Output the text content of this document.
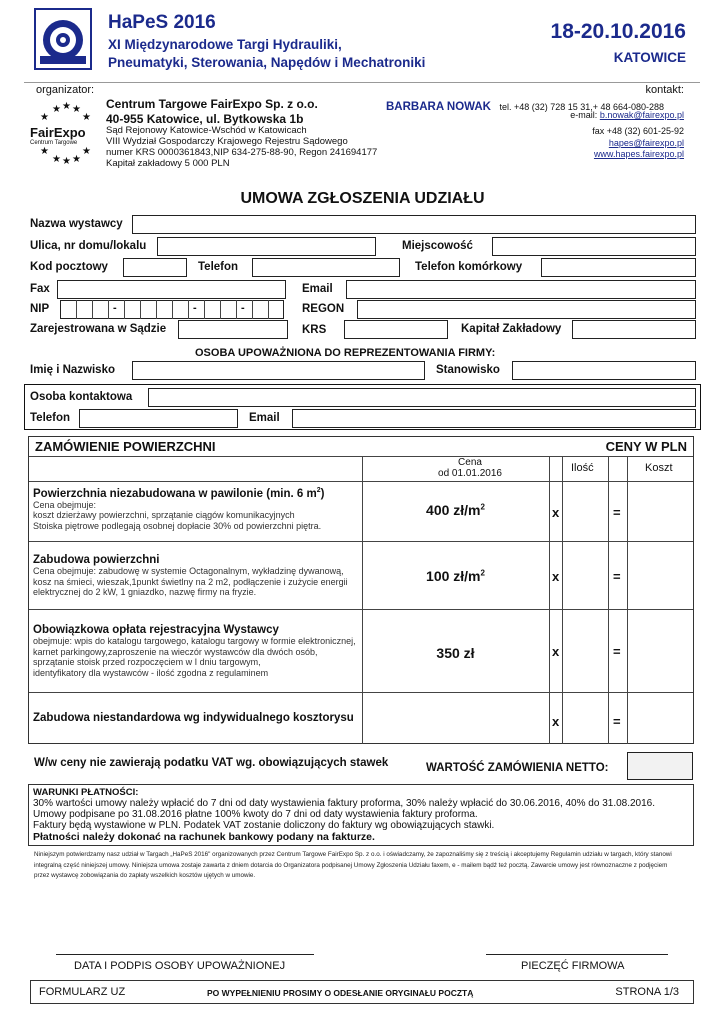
HaPeS 2016
XI Międzynarodowe Targi Hydrauliki,
Pneumatyki, Sterowania, Napędów i Mechatroniki
18-20.10.2016
KATOWICE
organizator:
★ ★ ★
★	★
★	★
★ ★ ★
FairExpo
Centrum Targowe
Centrum Targowe FairExpo Sp. z o.o.
40-955 Katowice, ul. Bytkowska 1b
Sąd Rejonowy Katowice-Wschód w Katowicach
VIII Wydział Gospodarczy Krajowego Rejestru Sądowego
numer KRS 0000361843,NIP 634-275-88-90, Regon 241694177
Kapitał zakładowy 5 000 PLN
kontakt:
BARBARA NOWAK tel. +48 (32) 728 15 31,+ 48 664-080-288
e-mail: b.nowak@fairexpo.pl
fax +48 (32) 601-25-92
hapes@fairexpo.pl
www.hapes.fairexpo.pl
UMOWA ZGŁOSZENIA UDZIAŁU
Nazwa wystawcy
Ulica, nr domu/lokalu	Miejscowość
Kod pocztowy	Telefon	Telefon komórkowy
Fax	Email
NIP	-	-	-	REGON
Zarejestrowana w Sądzie	KRS	Kapitał Zakładowy
OSOBA UPOWAŻNIONA DO REPREZENTOWANIA FIRMY:
Imię i Nazwisko	Stanowisko
Osoba kontaktowa
Telefon	Email
ZAMÓWIENIE POWIERZCHNI	CENY W PLN
Cena
od 01.01.2016	Ilość	Koszt
Powierzchnia niezabudowana w pawilonie (min. 6 $m^2$)
Cena obejmuje:
koszt dzierżawy powierzchni, sprzątanie ciągów komunikacyjnych
Stoiska piętrowe podlegają osobnej dopłacie 30% od powierzchni piętra.
400 $zł/m^2$	x	=
Zabudowa powierzchni
Cena obejmuje: zabudowę w systemie Octagonalnym, wykładzinę dywanową,
kosz na śmieci, wieszak,1punkt świetlny na 2 m2, podłączenie i zużycie energii
elektrycznej do 2 kW, 1 gniazdko, nazwę firmy na fryzie.
100 $zł/m^2$	x	=
Obowiązkowa opłata rejestracyjna Wystawcy
obejmuje: wpis do katalogu targowego, katalogu targowy w formie elektronicznej,
karnet parkingowy,zaproszenie na wieczór wystawców dla dwóch osób,
sprzątanie stoisk przed rozpoczęciem w I dniu targowym,
identyfikatory dla wystawców - ilość zgodna z regulaminem
350 zł	x	=
Zabudowa niestandardowa wg indywidualnego kosztorysu	x	=
W/w ceny nie zawierają podatku VAT wg. obowiązujących stawek	WARTOŚĆ ZAMÓWIENIA NETTO:
WARUNKI PŁATNOŚCI:
30% wartości umowy należy wpłacić do 7 dni od daty wystawienia faktury proforma, 30% należy wpłacić do 30.06.2016, 40% do 31.08.2016.
Umowy podpisane po 31.08.2016 płatne 100% kwoty do 7 dni od daty wystawienia faktury proforma.
Faktury będą wystawione w PLN. Podatek VAT zostanie doliczony do faktury wg obowiązujących stawki.
Płatności należy dokonać na rachunek bankowy podany na fakturze.
Niniejszym potwierdzamy nasz udział w Targach „HaPeS 2016" organizowanych przez Centrum Targowe FairExpo Sp. z o.o. i oświadczamy, że zapoznaliśmy się z treścią i akceptujemy Regulamin udziału w targach, który stanowi
integralną część niniejszej umowy. Niniejsza umowa zostaje zawarta z dniem dotarcia do Organizatora podpisanej Umowy Zgłoszenia Udziału faxem, e - mailem bądź też pocztą. Zawarcie umowy jest równoznaczne z podjęciem
przez wystawcę zobowiązania do zapłaty wszelkich kosztów ujętych w umowie.
DATA I PODPIS OSOBY UPOWAŻNIONEJ	PIECZĘĆ FIRMOWA
FORMULARZ UZ	PO WYPEŁNIENIU PROSIMY O ODESŁANIE ORYGINAŁU POCZTĄ	STRONA 1/3
